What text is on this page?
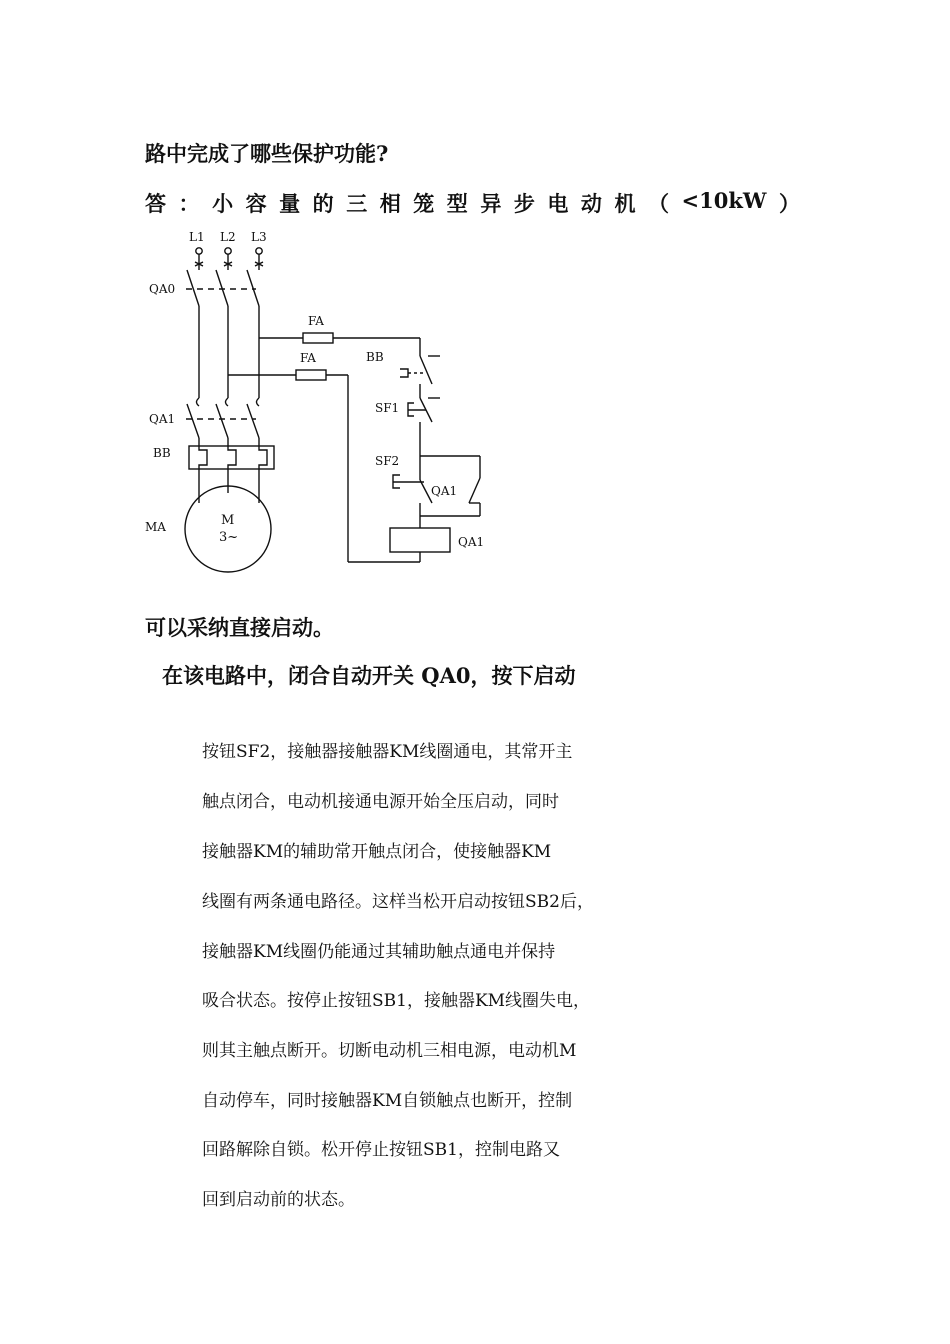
路中完成了哪些保护功能?
答 ： 小 容 量 的 三 相 笼 型 异 步 电 动 机 （ <10kW ）
L1 L2 L3
QA0
FA
FA	BB
SF1
QA1
BB
SF2
QA1
MA	M
3~	QA1
可以采纳直接启动。
在该电路中，闭合自动开关 QA0，按下启动
按钮SF2，接触器接触器KM线圈通电，其常开主
触点闭合，电动机接通电源开始全压启动，同时
接触器KM的辅助常开触点闭合，使接触器KM
线圈有两条通电路径。这样当松开启动按钮SB2后，
接触器KM线圈仍能通过其辅助触点通电并保持
吸合状态。按停止按钮SB1，接触器KM线圈失电，
则其主触点断开。切断电动机三相电源，电动机M
自动停车，同时接触器KM自锁触点也断开，控制
回路解除自锁。松开停止按钮SB1，控制电路又
回到启动前的状态。
